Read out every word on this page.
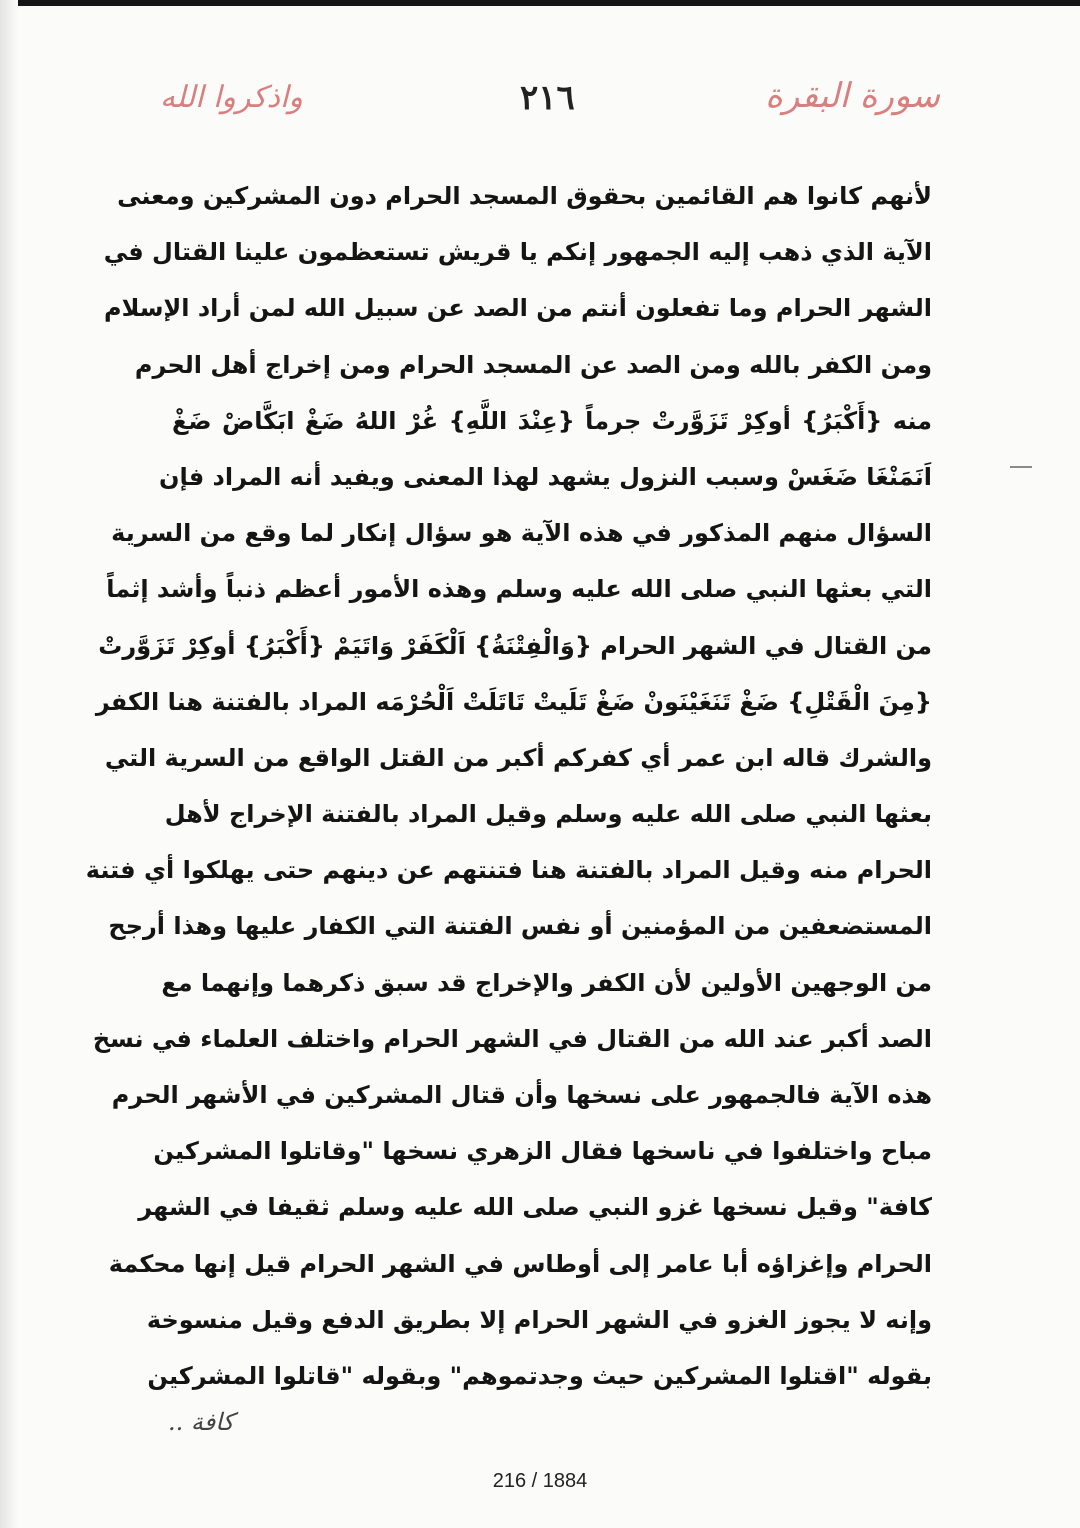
سورة البقرة
٢١٦
واذكروا الله
لأنهم كانوا هم القائمين بحقوق المسجد الحرام دون المشركين ومعنى
الآية الذي ذهب إليه الجمهور إنكم يا قريش تستعظمون علينا القتال في
الشهر الحرام وما تفعلون أنتم من الصد عن سبيل الله لمن أراد الإسلام
ومن الكفر بالله ومن الصد عن المسجد الحرام ومن إخراج أهل الحرم
منه {أَكْبَرُ} أوكِرْ تَزَوَّرتْ جرماً {عِنْدَ اللَّهِ} غُرْ اللهُ ضَغْ ابَكَّاضْ ضَغْ
اَنَمَنْغَا ضَغَسْ وسبب النزول يشهد لهذا المعنى ويفيد أنه المراد فإن
السؤال منهم المذكور في هذه الآية هو سؤال إنكار لما وقع من السرية
التي بعثها النبي صلى الله عليه وسلم وهذه الأمور أعظم ذنباً وأشد إثماً
من القتال في الشهر الحرام {وَالْفِتْنَةُ} اَلْكَفَرْ وَاتَيَمْ {أَكْبَرُ} أوكِرْ تَزَوَّرتْ
{مِنَ الْقَتْلِ} ضَغْ تَنَغَيْنَونْ ضَغْ تَلَيتْ تَاتَلَتْ اَلْحُرْمَه المراد بالفتنة هنا الكفر
والشرك قاله ابن عمر أي كفركم أكبر من القتل الواقع من السرية التي
بعثها النبي صلى الله عليه وسلم وقيل المراد بالفتنة الإخراج لأهل
الحرام منه وقيل المراد بالفتنة هنا فتنتهم عن دينهم حتى يهلكوا أي فتنة
المستضعفين من المؤمنين أو نفس الفتنة التي الكفار عليها وهذا أرجح
من الوجهين الأولين لأن الكفر والإخراج قد سبق ذكرهما وإنهما مع
الصد أكبر عند الله من القتال في الشهر الحرام واختلف العلماء في نسخ
هذه الآية فالجمهور على نسخها وأن قتال المشركين في الأشهر الحرم
مباح واختلفوا في ناسخها فقال الزهري نسخها "وقاتلوا المشركين
كافة" وقيل نسخها غزو النبي صلى الله عليه وسلم ثقيفا في الشهر
الحرام وإغزاؤه أبا عامر إلى أوطاس في الشهر الحرام قيل إنها محكمة
وإنه لا يجوز الغزو في الشهر الحرام إلا بطريق الدفع وقيل منسوخة
بقوله "اقتلوا المشركين حيث وجدتموهم" وبقوله "قاتلوا المشركين
كافة ..
216 / 1884
